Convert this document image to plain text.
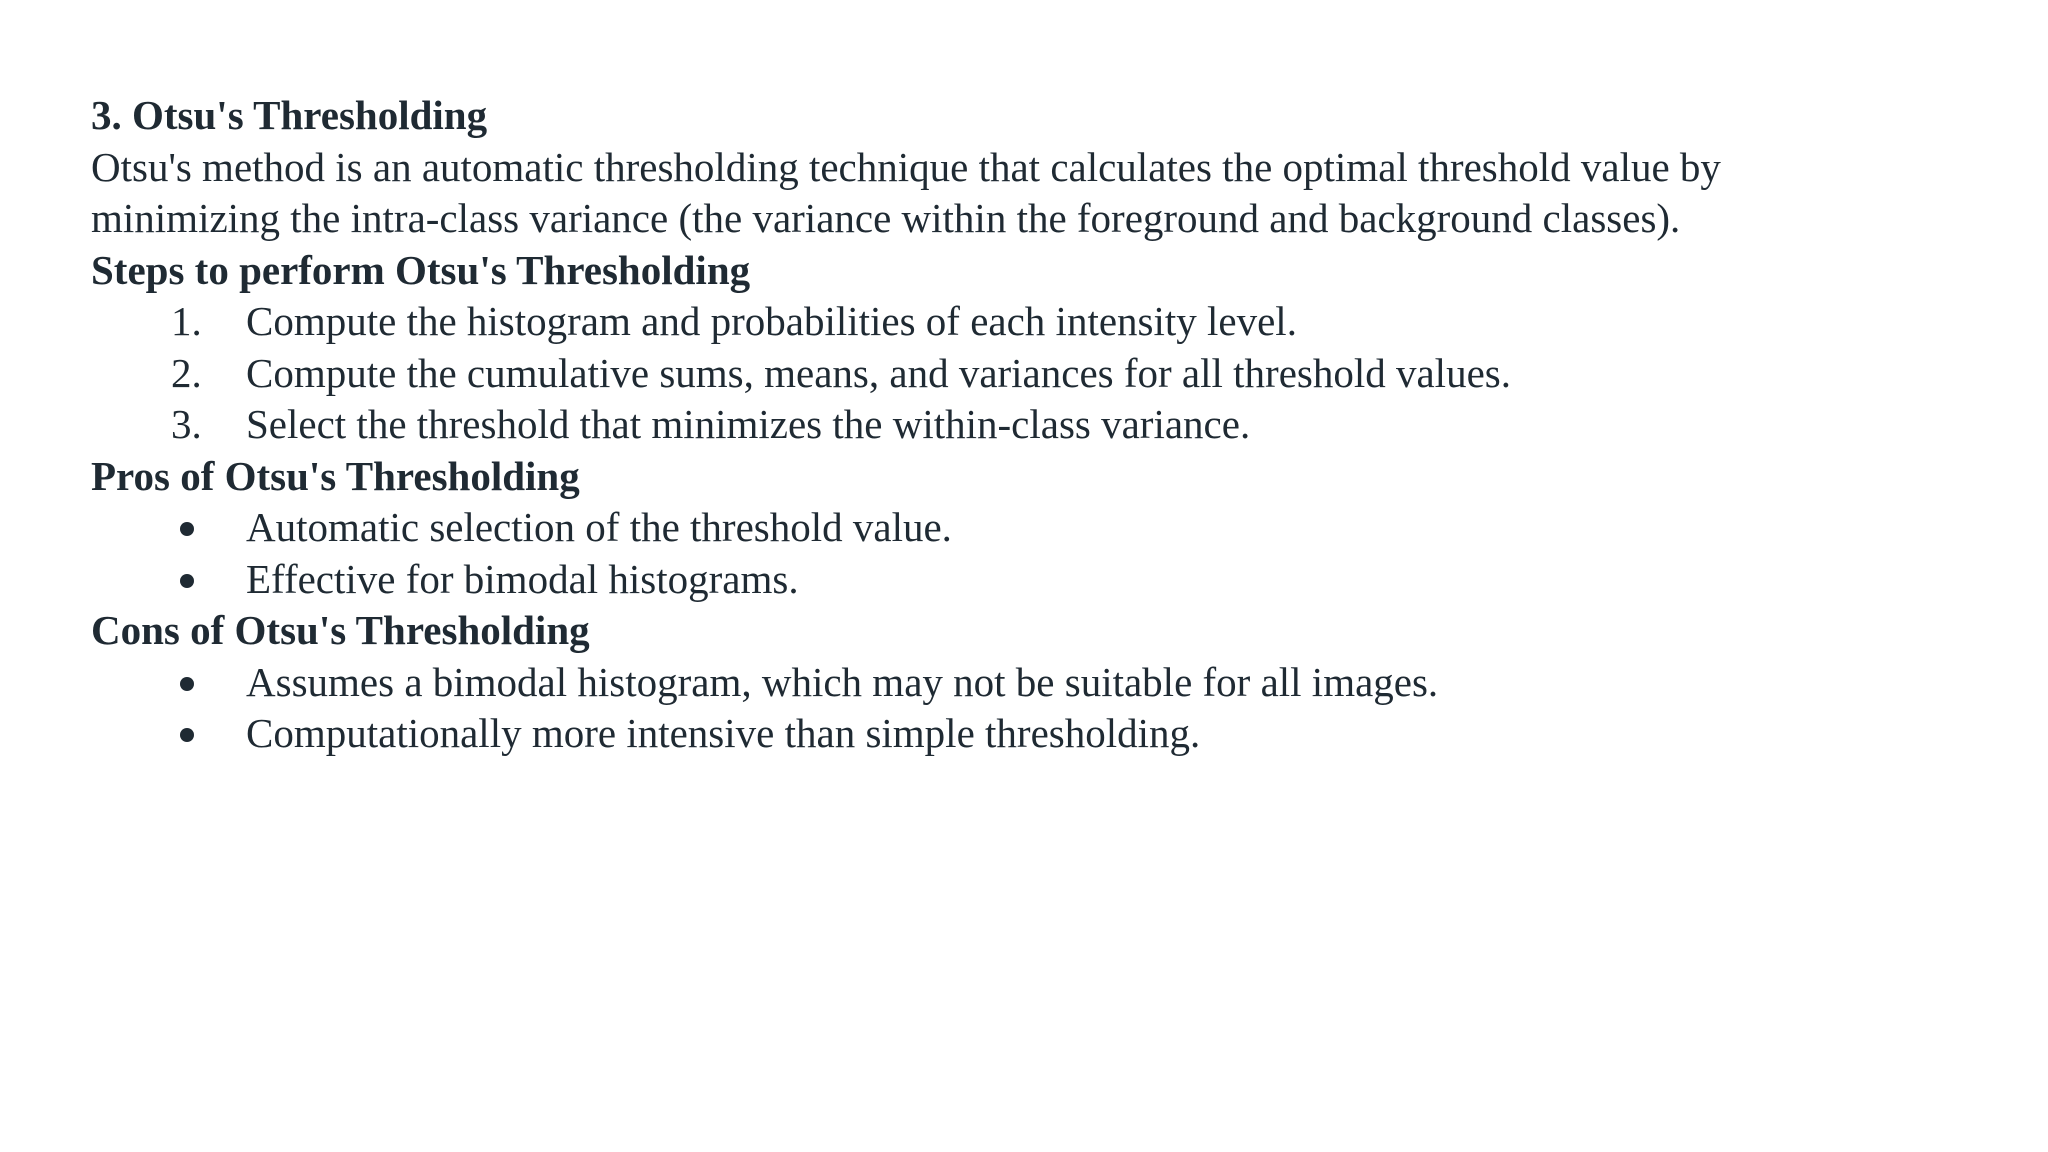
3. Otsu's Thresholding

Otsu's method is an automatic thresholding technique that calculates the optimal threshold value by

minimizing the intra-class variance (the variance within the foreground and background classes).

Steps to perform Otsu's Thresholding

1.	Compute the histogram and probabilities of each intensity level.
2.	Compute the cumulative sums, means, and variances for all threshold values.
3.	Select the threshold that minimizes the within-class variance.

Pros of Otsu's Thresholding

Automatic selection of the threshold value.
Effective for bimodal histograms.

Cons of Otsu's Thresholding

Assumes a bimodal histogram, which may not be suitable for all images.
Computationally more intensive than simple thresholding.
